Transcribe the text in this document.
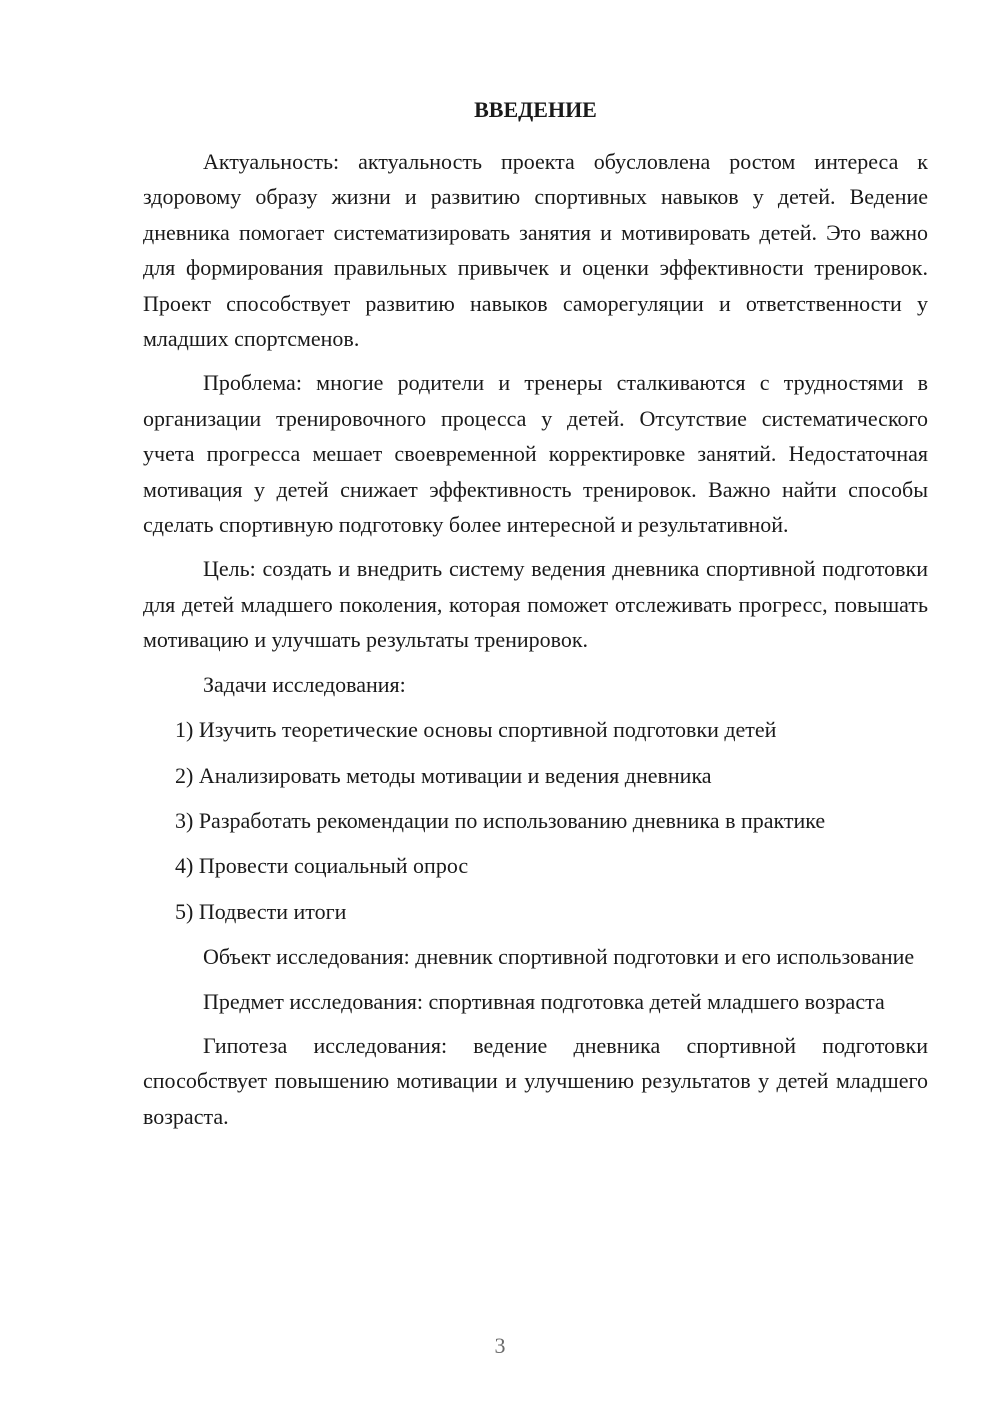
ВВЕДЕНИЕ

Актуальность: актуальность проекта обусловлена ростом интереса к здоровому образу жизни и развитию спортивных навыков у детей. Ведение дневника помогает систематизировать занятия и мотивировать детей. Это важно для формирования правильных привычек и оценки эффективности тренировок. Проект способствует развитию навыков саморегуляции и ответственности у младших спортсменов.

Проблема: многие родители и тренеры сталкиваются с трудностями в организации тренировочного процесса у детей. Отсутствие систематического учета прогресса мешает своевременной корректировке занятий. Недостаточная мотивация у детей снижает эффективность тренировок. Важно найти способы сделать спортивную подготовку более интересной и результативной.

Цель: создать и внедрить систему ведения дневника спортивной подготовки для детей младшего поколения, которая поможет отслеживать прогресс, повышать мотивацию и улучшать результаты тренировок.

Задачи исследования:

1) Изучить теоретические основы спортивной подготовки детей
2) Анализировать методы мотивации и ведения дневника
3) Разработать рекомендации по использованию дневника в практике
4) Провести социальный опрос
5) Подвести итоги

Объект исследования: дневник спортивной подготовки и его использование

Предмет исследования: спортивная подготовка детей младшего возраста

Гипотеза исследования: ведение дневника спортивной подготовки способствует повышению мотивации и улучшению результатов у детей младшего возраста.

3
